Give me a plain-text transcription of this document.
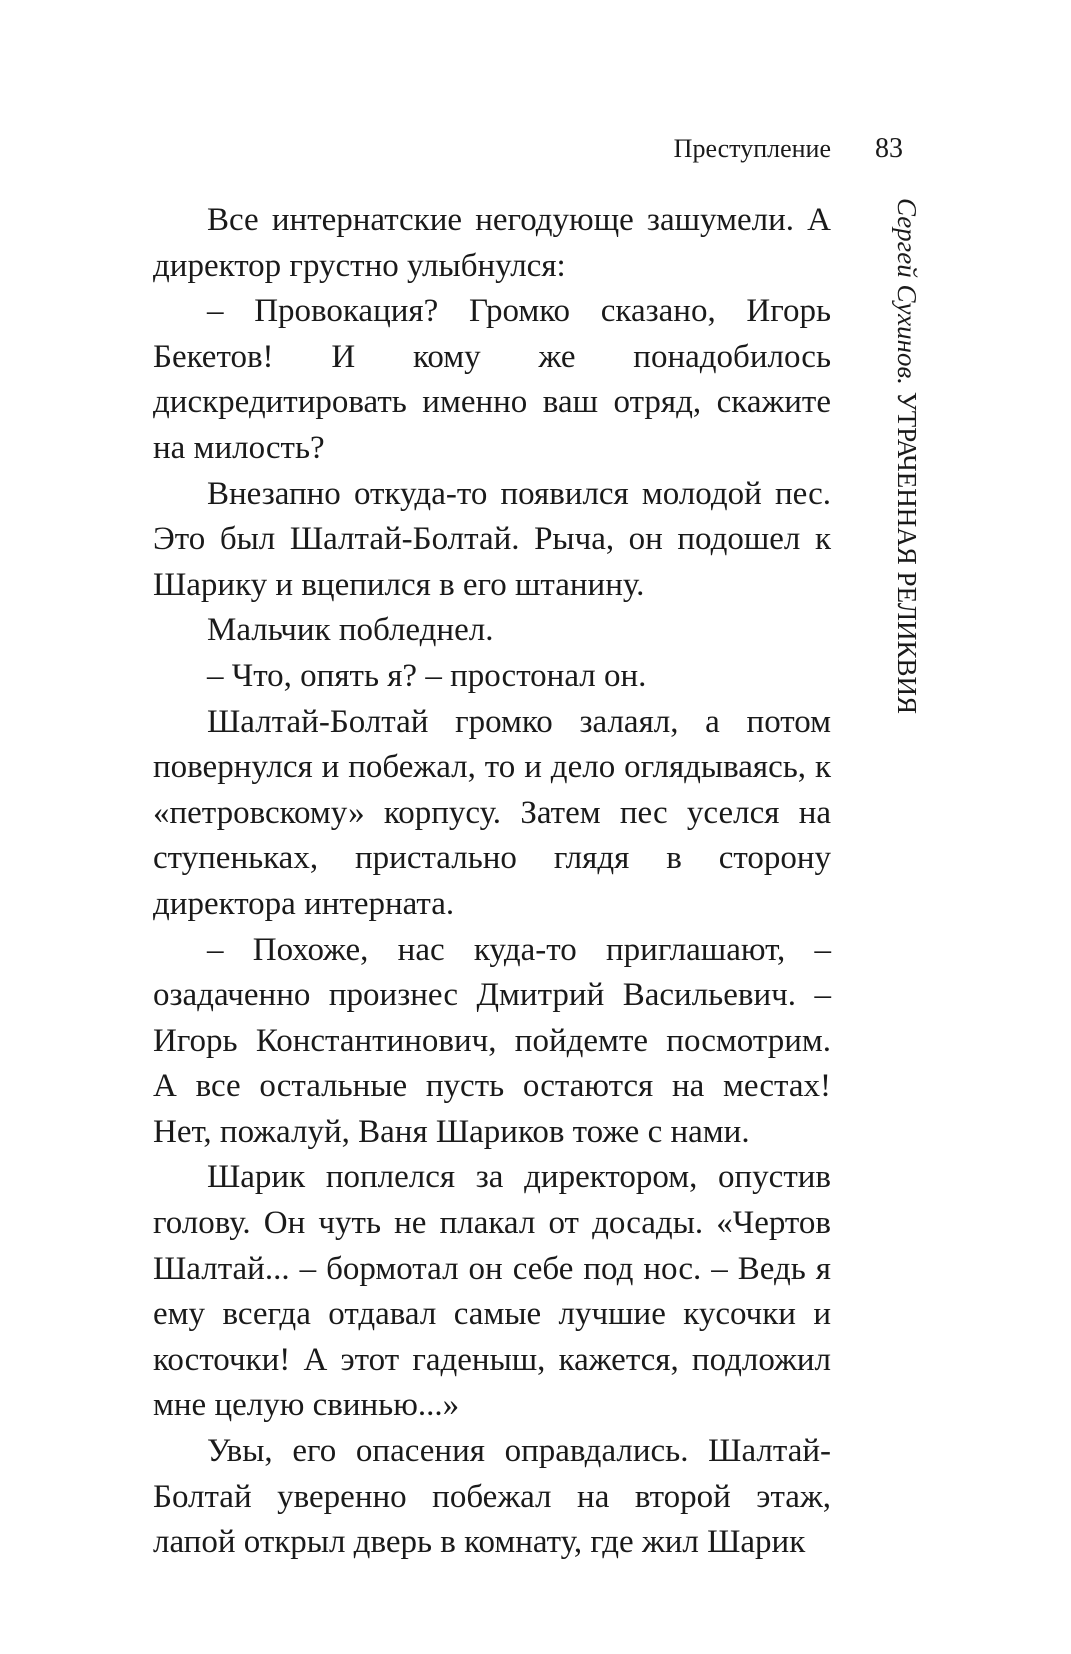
Преступление 83
Сергей Сухинов. УТРАЧЕННАЯ РЕЛИКВИЯ

Все интернатские негодующе зашумели. А директор грустно улыбнулся:

– Провокация? Громко сказано, Игорь Бекетов! И кому же понадобилось дискредитировать именно ваш отряд, скажите на милость?

Внезапно откуда-то появился молодой пес. Это был Шалтай-Болтай. Рыча, он подошел к Шарику и вцепился в его штанину.

Мальчик побледнел.

– Что, опять я? – простонал он.

Шалтай-Болтай громко залаял, а потом повернулся и побежал, то и дело оглядываясь, к «петровскому» корпусу. Затем пес уселся на ступеньках, пристально глядя в сторону директора интерната.

– Похоже, нас куда-то приглашают, – озадаченно произнес Дмитрий Васильевич. – Игорь Константинович, пойдемте посмотрим. А все остальные пусть остаются на местах! Нет, пожалуй, Ваня Шариков тоже с нами.

Шарик поплелся за директором, опустив голову. Он чуть не плакал от досады. «Чертов Шалтай... – бормотал он себе под нос. – Ведь я ему всегда отдавал самые лучшие кусочки и косточки! А этот гаденыш, кажется, подложил мне целую свинью...»

Увы, его опасения оправдались. Шалтай-Болтай уверенно побежал на второй этаж, лапой открыл дверь в комнату, где жил Шарик
